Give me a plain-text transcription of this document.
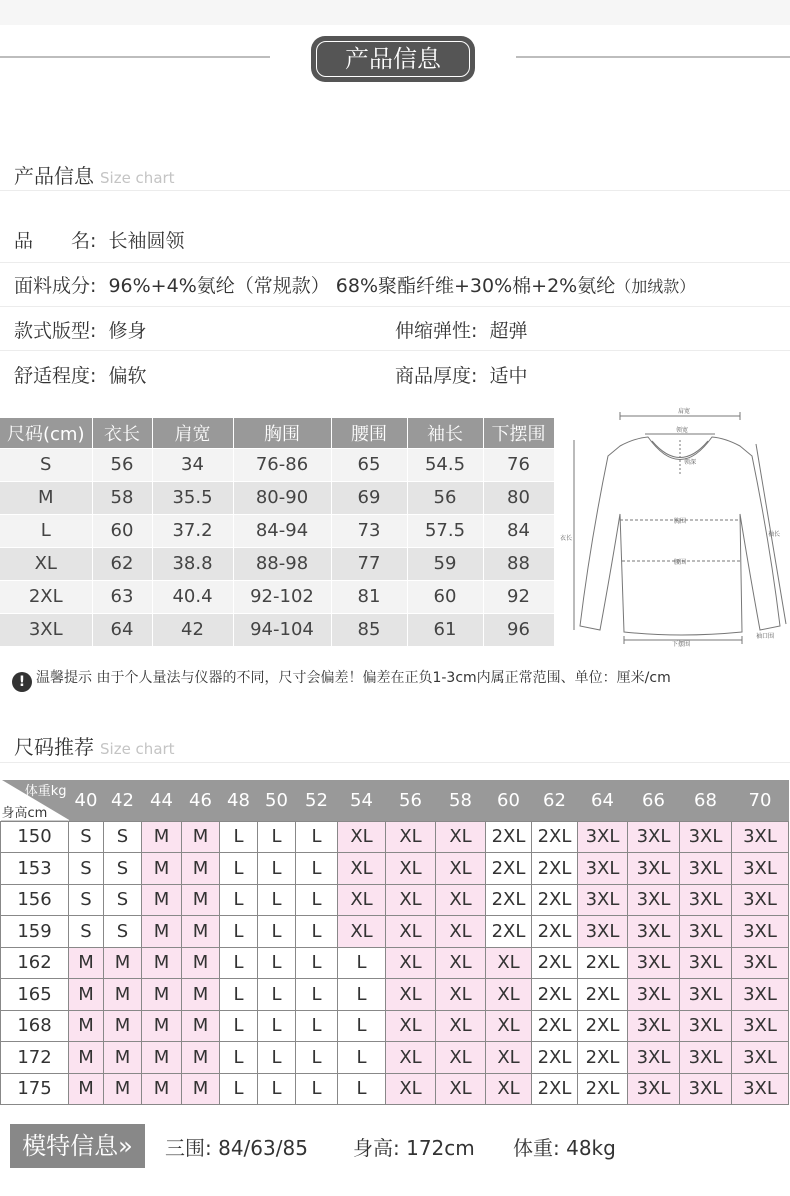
产品信息
产品信息 Size chart
品　　名: 长袖圆领
面料成分: 96%+4%氨纶（常规款） 68%聚酯纤维+30%棉+2%氨纶（加绒款）
款式版型: 修身	伸缩弹性: 超弹
舒适程度: 偏软	商品厚度: 适中
尺码(cm)	衣长	肩宽	胸围	腰围	袖长	下摆围
S	56	34	76-86	65	54.5	76
M	58	35.5	80-90	69	56	80
L	60	37.2	84-94	73	57.5	84
XL	62	38.8	88-98	77	59	88
2XL	63	40.4	92-102	81	60	92
3XL	64	42	94-104	85	61	96
肩宽
领宽
领深
胸围
衣长
袖长
腰围
下摆围
袖口围
! 温馨提示 由于个人量法与仪器的不同，尺寸会偏差！偏差在正负1-3cm内属正常范围、单位：厘米/cm
尺码推荐 Size chart
体重kg
身高cm	40	42	44	46	48	50	52	54	56	58	60	62	64	66	68	70
150	S	S	M	M	L	L	L	XL	XL	XL	2XL	2XL	3XL	3XL	3XL	3XL
153	S	S	M	M	L	L	L	XL	XL	XL	2XL	2XL	3XL	3XL	3XL	3XL
156	S	S	M	M	L	L	L	XL	XL	XL	2XL	2XL	3XL	3XL	3XL	3XL
159	S	S	M	M	L	L	L	XL	XL	XL	2XL	2XL	3XL	3XL	3XL	3XL
162	M	M	M	M	L	L	L	L	XL	XL	XL	2XL	2XL	3XL	3XL	3XL
165	M	M	M	M	L	L	L	L	XL	XL	XL	2XL	2XL	3XL	3XL	3XL
168	M	M	M	M	L	L	L	L	XL	XL	XL	2XL	2XL	3XL	3XL	3XL
172	M	M	M	M	L	L	L	L	XL	XL	XL	2XL	2XL	3XL	3XL	3XL
175	M	M	M	M	L	L	L	L	XL	XL	XL	2XL	2XL	3XL	3XL	3XL
模特信息»	三围: 84/63/85 身高: 172cm 体重: 48kg
